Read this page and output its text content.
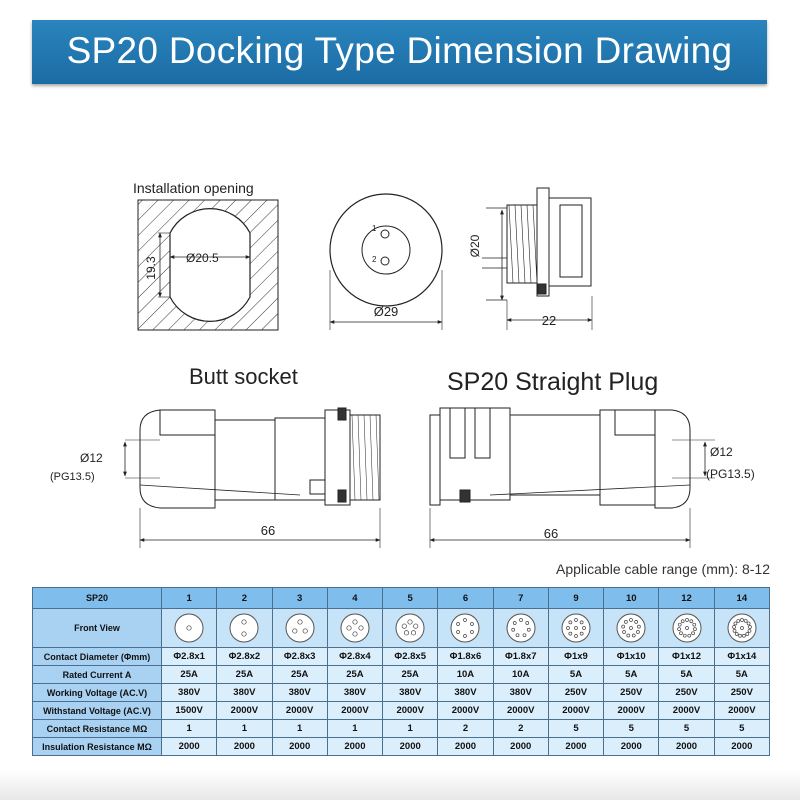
SP20 Docking Type Dimension Drawing
Installation opening
Ø20.5
19.3
1
2
Ø29
Ø20
22
Butt socket	SP20 Straight Plug
Ø12
(PG13.5)
66
Ø12
(PG13.5)
66
Applicable cable range (mm): 8-12
SP20	1	2	3	4	5	6	7	9	10	12	14
Front View	

Contact Diameter (Φmm)	Φ2.8x1	Φ2.8x2	Φ2.8x3	Φ2.8x4	Φ2.8x5	Φ1.8x6	Φ1.8x7	Φ1x9	Φ1x10	Φ1x12	Φ1x14
Rated Current A	25A	25A	25A	25A	25A	10A	10A	5A	5A	5A	5A
Working Voltage (AC.V)	380V	380V	380V	380V	380V	380V	380V	250V	250V	250V	250V
Withstand Voltage (AC.V)	1500V	2000V	2000V	2000V	2000V	2000V	2000V	2000V	2000V	2000V	2000V
Contact Resistance MΩ	1	1	1	1	1	2	2	5	5	5	5
Insulation Resistance MΩ	2000	2000	2000	2000	2000	2000	2000	2000	2000	2000	2000
